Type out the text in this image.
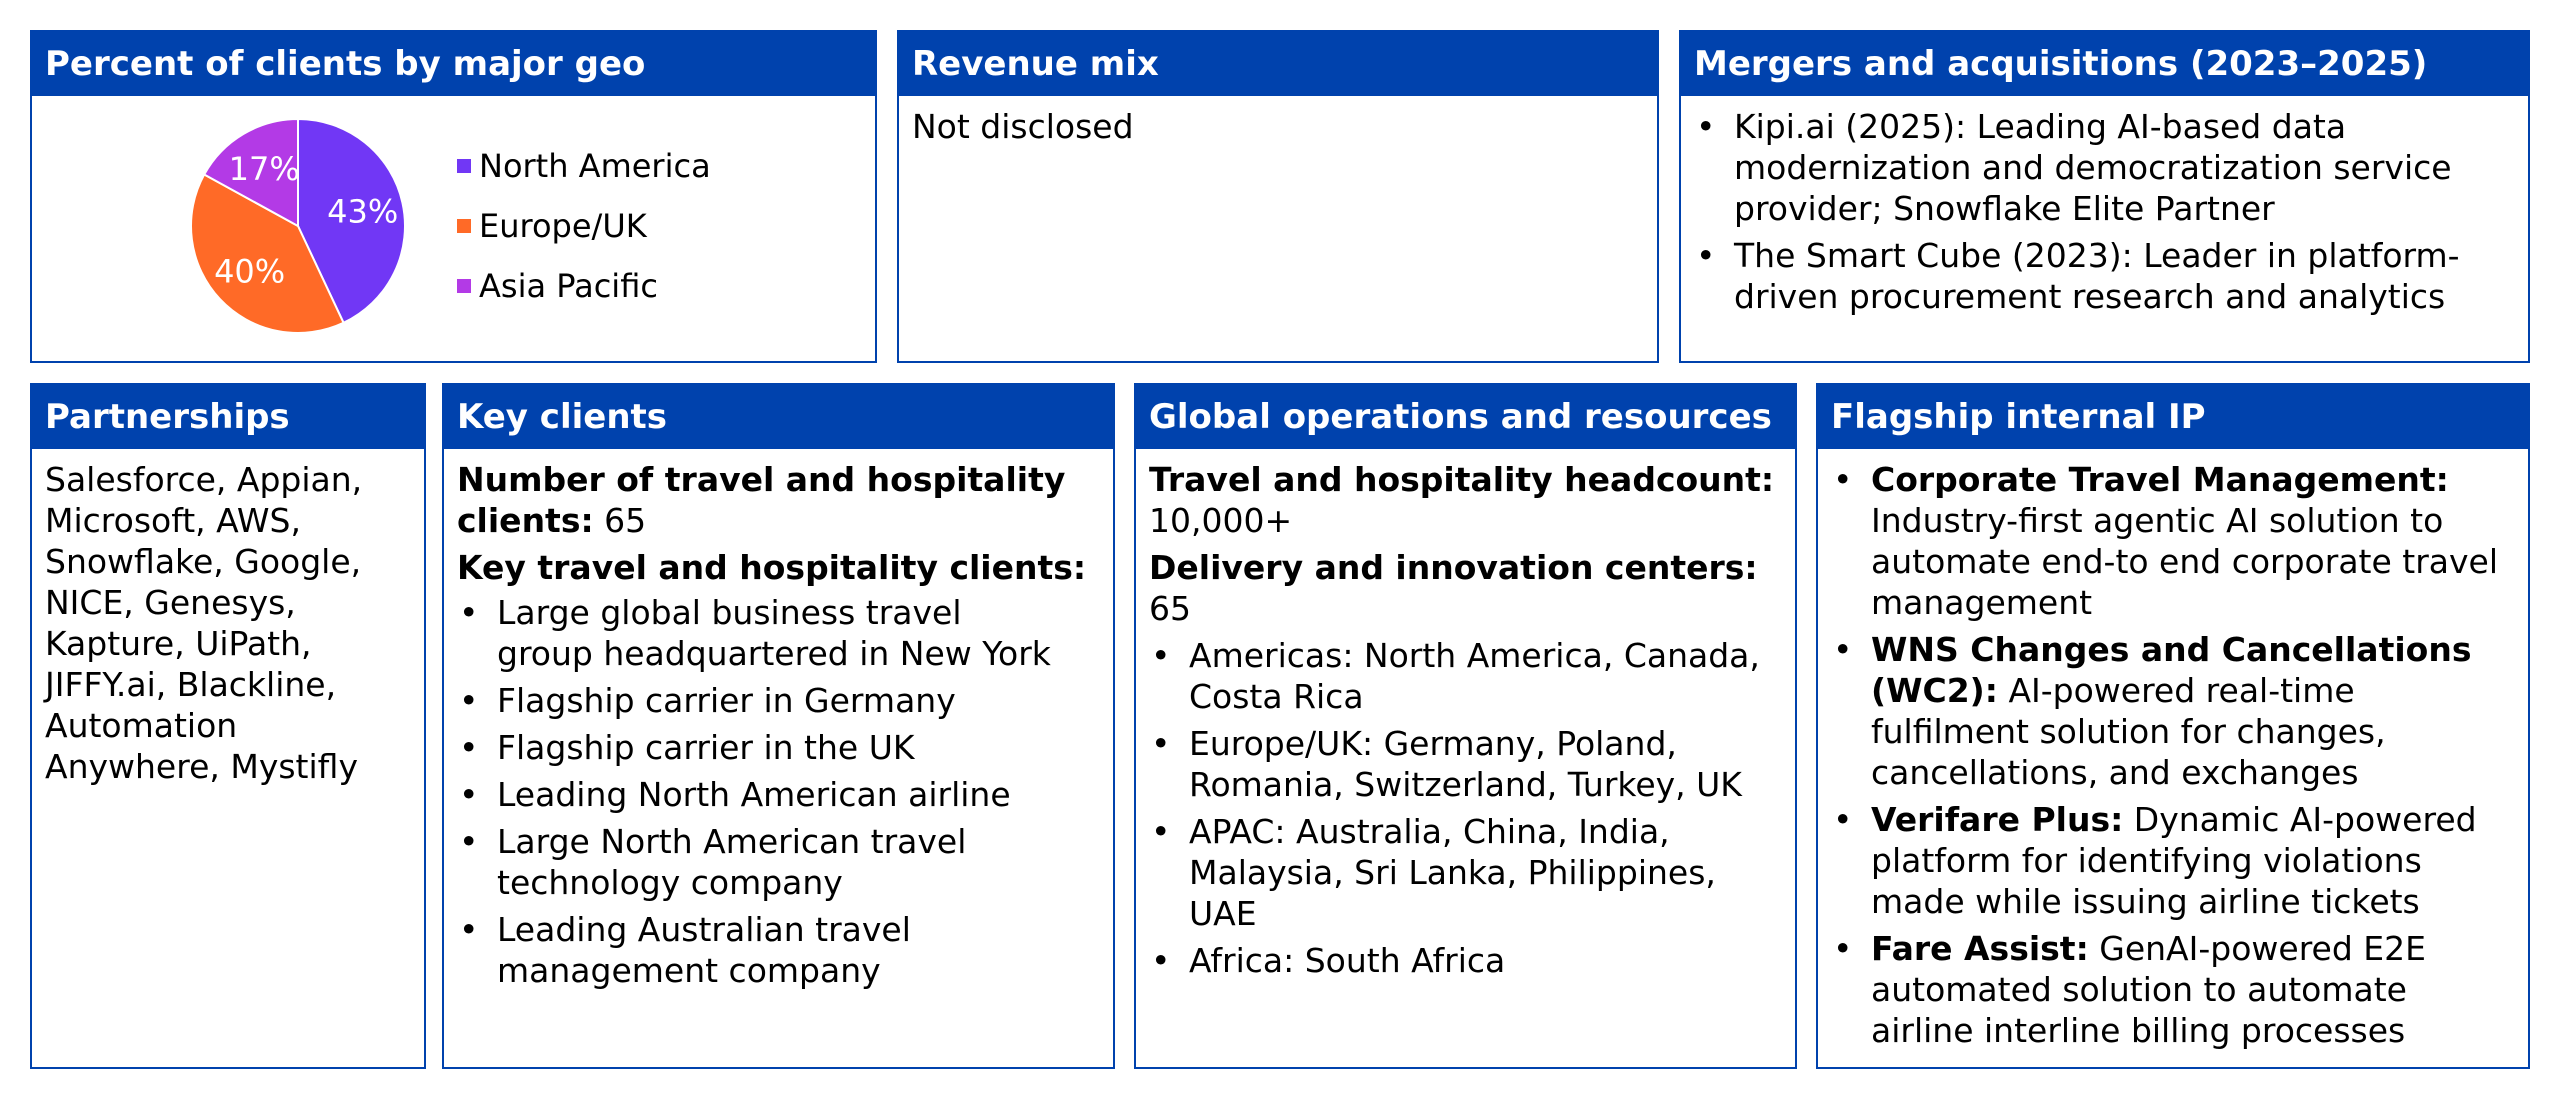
Percent of clients by major geo
43%
40%
17%	North America
Europe/UK
Asia Pacific
Revenue mix
Not disclosed
Mergers and acquisitions (2023–2025)
• Kipi.ai (2025): Leading AI-based data modernization and democratization service provider; Snowflake Elite Partner
• The Smart Cube (2023): Leader in platform-driven procurement research and analytics
Partnerships
Salesforce, Appian, Microsoft, AWS, Snowflake, Google, NICE, Genesys, Kapture, UiPath, JIFFY.ai, Blackline, Automation Anywhere, Mystifly
Key clients
Number of travel and hospitality clients: 65
Key travel and hospitality clients:
• Large global business travel group headquartered in New York
• Flagship carrier in Germany
• Flagship carrier in the UK
• Leading North American airline
• Large North American travel technology company
• Leading Australian travel management company
Global operations and resources
Travel and hospitality headcount: 10,000+
Delivery and innovation centers: 65
• Americas: North America, Canada, Costa Rica
• Europe/UK: Germany, Poland, Romania, Switzerland, Turkey, UK
• APAC: Australia, China, India, Malaysia, Sri Lanka, Philippines, UAE
• Africa: South Africa
Flagship internal IP
• Corporate Travel Management: Industry-first agentic AI solution to automate end-to end corporate travel management
• WNS Changes and Cancellations (WC2): AI-powered real-time fulfilment solution for changes, cancellations, and exchanges
• Verifare Plus: Dynamic AI-powered platform for identifying violations made while issuing airline tickets
• Fare Assist: GenAI-powered E2E automated solution to automate airline interline billing processes
